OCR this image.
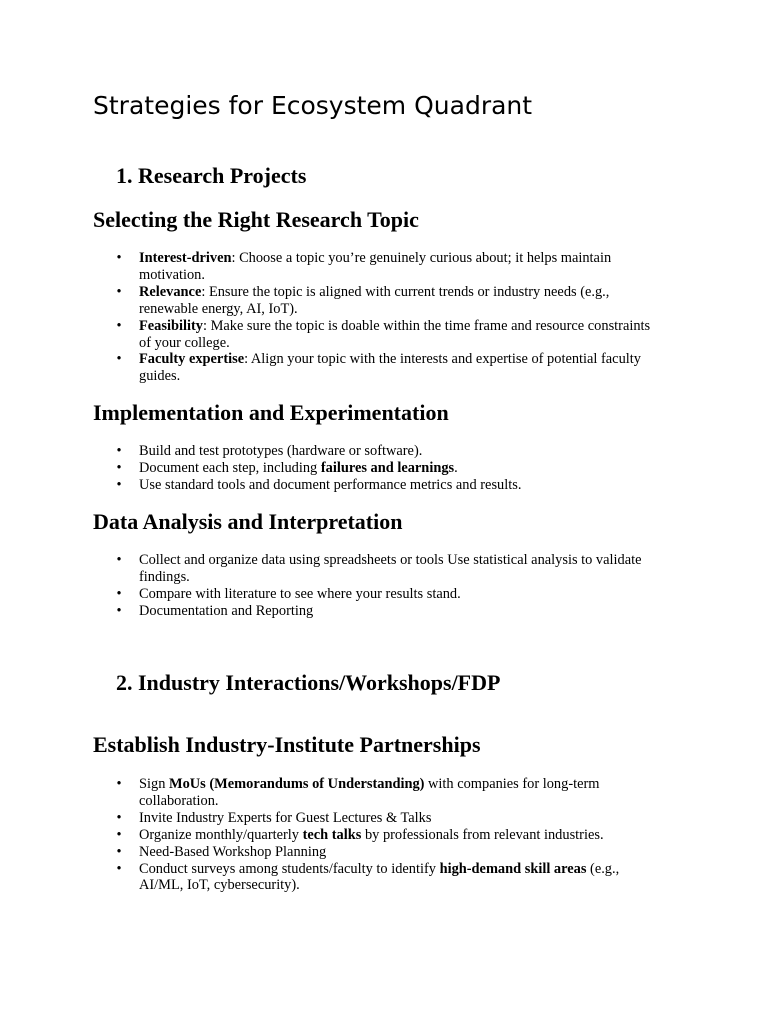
Strategies for Ecosystem Quadrant
1. Research Projects
Selecting the Right Research Topic
• Interest-driven: Choose a topic you’re genuinely curious about; it helps maintain motivation.
• Relevance: Ensure the topic is aligned with current trends or industry needs (e.g., renewable energy, AI, IoT).
• Feasibility: Make sure the topic is doable within the time frame and resource constraints of your college.
• Faculty expertise: Align your topic with the interests and expertise of potential faculty guides.
Implementation and Experimentation
• Build and test prototypes (hardware or software).
• Document each step, including failures and learnings.
• Use standard tools and document performance metrics and results.
Data Analysis and Interpretation
• Collect and organize data using spreadsheets or tools Use statistical analysis to validate findings.
• Compare with literature to see where your results stand.
• Documentation and Reporting
2. Industry Interactions/Workshops/FDP
Establish Industry-Institute Partnerships
• Sign MoUs (Memorandums of Understanding) with companies for long-term collaboration.
• Invite Industry Experts for Guest Lectures & Talks
• Organize monthly/quarterly tech talks by professionals from relevant industries.
• Need-Based Workshop Planning
• Conduct surveys among students/faculty to identify high-demand skill areas (e.g., AI/ML, IoT, cybersecurity).
